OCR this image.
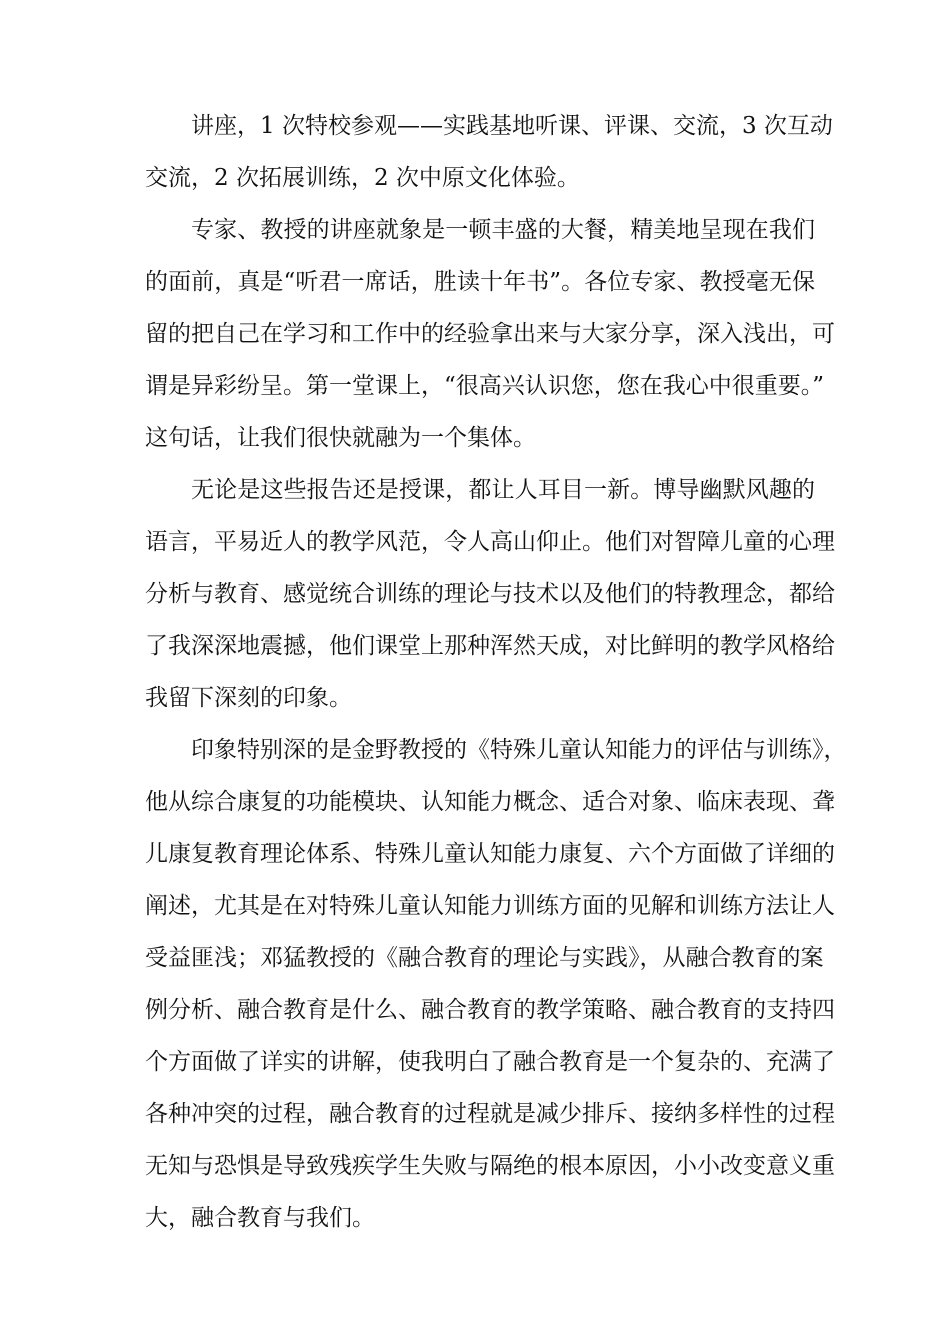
讲座，1 次特校参观——实践基地听课、评课、交流，3 次互动
交流，2 次拓展训练，2 次中原文化体验。
专家、教授的讲座就象是一顿丰盛的大餐，精美地呈现在我们
的面前，真是“听君一席话，胜读十年书”。各位专家、教授毫无保
留的把自己在学习和工作中的经验拿出来与大家分享，深入浅出，可
谓是异彩纷呈。第一堂课上，“很高兴认识您，您在我心中很重要。”
这句话，让我们很快就融为一个集体。
无论是这些报告还是授课，都让人耳目一新。博导幽默风趣的
语言，平易近人的教学风范，令人高山仰止。他们对智障儿童的心理
分析与教育、感觉统合训练的理论与技术以及他们的特教理念，都给
了我深深地震撼，他们课堂上那种浑然天成，对比鲜明的教学风格给
我留下深刻的印象。
印象特别深的是金野教授的《特殊儿童认知能力的评估与训练》，
他从综合康复的功能模块、认知能力概念、适合对象、临床表现、聋
儿康复教育理论体系、特殊儿童认知能力康复、六个方面做了详细的
阐述，尤其是在对特殊儿童认知能力训练方面的见解和训练方法让人
受益匪浅；邓猛教授的《融合教育的理论与实践》，从融合教育的案
例分析、融合教育是什么、融合教育的教学策略、融合教育的支持四
个方面做了详实的讲解，使我明白了融合教育是一个复杂的、充满了
各种冲突的过程，融合教育的过程就是减少排斥、接纳多样性的过程
无知与恐惧是导致残疾学生失败与隔绝的根本原因，小小改变意义重
大，融合教育与我们。
